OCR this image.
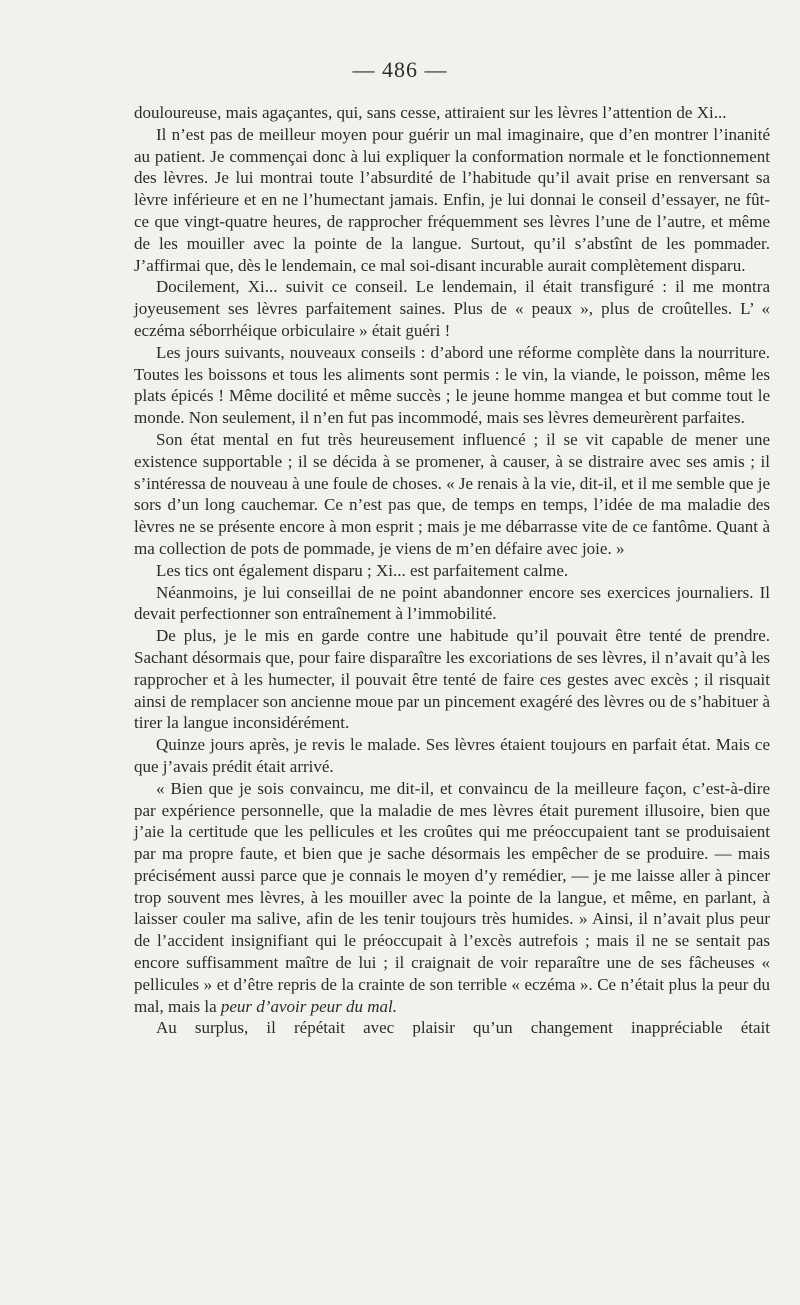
— 486 —

douloureuse, mais agaçantes, qui, sans cesse, attiraient sur les lèvres l’attention de Xi...

Il n’est pas de meilleur moyen pour guérir un mal imaginaire, que d’en montrer l’inanité au patient. Je commençai donc à lui expliquer la conformation normale et le fonctionnement des lèvres. Je lui montrai toute l’absurdité de l’habitude qu’il avait prise en renversant sa lèvre inférieure et en ne l’humectant jamais. Enfin, je lui donnai le conseil d’essayer, ne fût-ce que vingt-quatre heures, de rapprocher fréquemment ses lèvres l’une de l’autre, et même de les mouiller avec la pointe de la langue. Surtout, qu’il s’abstînt de les pommader. J’affirmai que, dès le lendemain, ce mal soi-disant incurable aurait complètement disparu.

Docilement, Xi... suivit ce conseil. Le lendemain, il était transfiguré : il me montra joyeusement ses lèvres parfaitement saines. Plus de « peaux », plus de croûtelles. L’ « eczéma séborrhéique orbiculaire » était guéri !

Les jours suivants, nouveaux conseils : d’abord une réforme complète dans la nourriture. Toutes les boissons et tous les aliments sont permis : le vin, la viande, le poisson, même les plats épicés ! Même docilité et même succès ; le jeune homme mangea et but comme tout le monde. Non seulement, il n’en fut pas incommodé, mais ses lèvres demeurèrent parfaites.

Son état mental en fut très heureusement influencé ; il se vit capable de mener une existence supportable ; il se décida à se promener, à causer, à se distraire avec ses amis ; il s’intéressa de nouveau à une foule de choses. « Je renais à la vie, dit-il, et il me semble que je sors d’un long cauchemar. Ce n’est pas que, de temps en temps, l’idée de ma maladie des lèvres ne se présente encore à mon esprit ; mais je me débarrasse vite de ce fantôme. Quant à ma collection de pots de pommade, je viens de m’en défaire avec joie. »

Les tics ont également disparu ; Xi... est parfaitement calme.

Néanmoins, je lui conseillai de ne point abandonner encore ses exercices journaliers. Il devait perfectionner son entraînement à l’immobilité.

De plus, je le mis en garde contre une habitude qu’il pouvait être tenté de prendre. Sachant désormais que, pour faire disparaître les excoriations de ses lèvres, il n’avait qu’à les rapprocher et à les humecter, il pouvait être tenté de faire ces gestes avec excès ; il risquait ainsi de remplacer son ancienne moue par un pincement exagéré des lèvres ou de s’habituer à tirer la langue inconsidérément.

Quinze jours après, je revis le malade. Ses lèvres étaient toujours en parfait état. Mais ce que j’avais prédit était arrivé.

« Bien que je sois convaincu, me dit-il, et convaincu de la meilleure façon, c’est-à-dire par expérience personnelle, que la maladie de mes lèvres était purement illusoire, bien que j’aie la certitude que les pellicules et les croûtes qui me préoccupaient tant se produisaient par ma propre faute, et bien que je sache désormais les empêcher de se produire. — mais précisément aussi parce que je connais le moyen d’y remédier, — je me laisse aller à pincer trop souvent mes lèvres, à les mouiller avec la pointe de la langue, et même, en parlant, à laisser couler ma salive, afin de les tenir toujours très humides. » Ainsi, il n’avait plus peur de l’accident insignifiant qui le préoccupait à l’excès autrefois ; mais il ne se sentait pas encore suffisamment maître de lui ; il craignait de voir reparaître une de ses fâcheuses « pellicules » et d’être repris de la crainte de son terrible « eczéma ». Ce n’était plus la peur du mal, mais la peur d’avoir peur du mal.

Au surplus, il répétait avec plaisir qu’un changement inappréciable était
